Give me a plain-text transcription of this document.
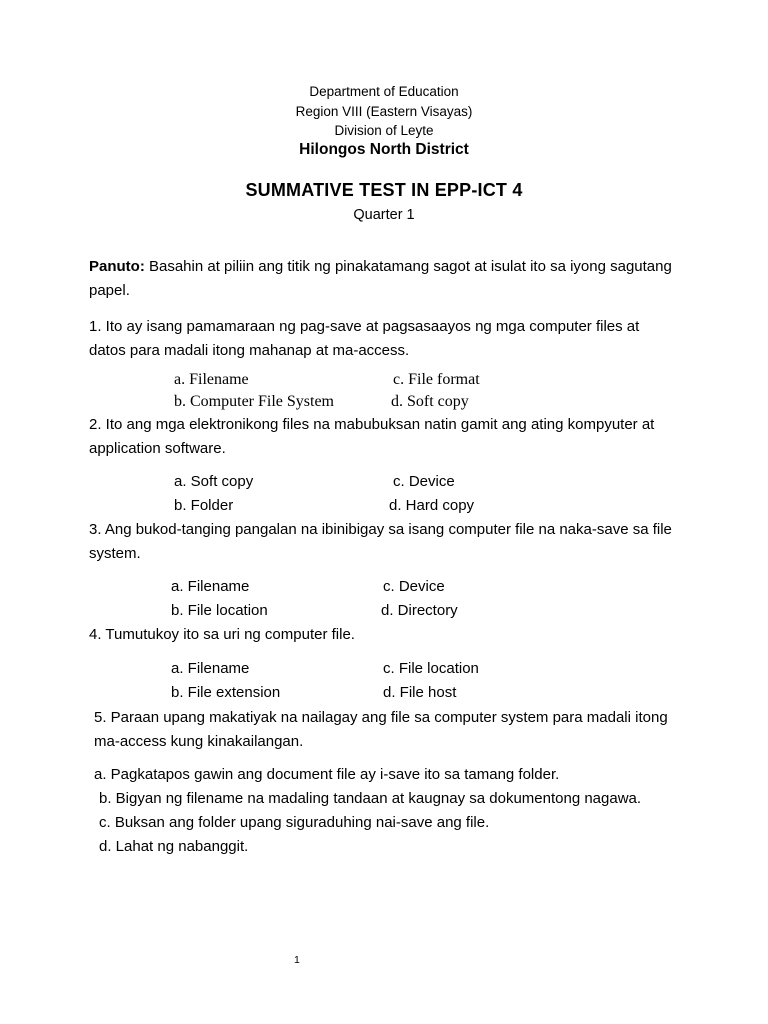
Department of Education
Region VIII (Eastern Visayas)
Division of Leyte
Hilongos North District
SUMMATIVE TEST IN EPP-ICT 4
Quarter 1
Panuto: Basahin at piliin ang titik ng pinakatamang sagot at isulat ito sa iyong sagutang papel.
1. Ito ay isang pamamaraan ng pag-save at pagsasaayos ng mga computer files at datos para madali itong mahanap at ma-access.
a. Filename	c. File format
b. Computer File System	d. Soft copy
2. Ito ang mga elektronikong files na mabubuksan natin gamit ang ating kompyuter at application software.
a. Soft copy	c. Device
b. Folder	d. Hard copy
3. Ang bukod-tanging pangalan na ibinibigay sa isang computer file na naka-save sa file system.
a. Filename	c. Device
b. File location	d. Directory
4. Tumutukoy ito sa uri ng computer file.
a. Filename	c. File location
b. File extension	d. File host
5. Paraan upang makatiyak na nailagay ang file sa computer system para madali itong ma-access kung kinakailangan.
a. Pagkatapos gawin ang document file ay i-save ito sa tamang folder.
b. Bigyan ng filename na madaling tandaan at kaugnay sa dokumentong nagawa.
c. Buksan ang folder upang siguraduhing nai-save ang file.
d. Lahat ng nabanggit.
1
